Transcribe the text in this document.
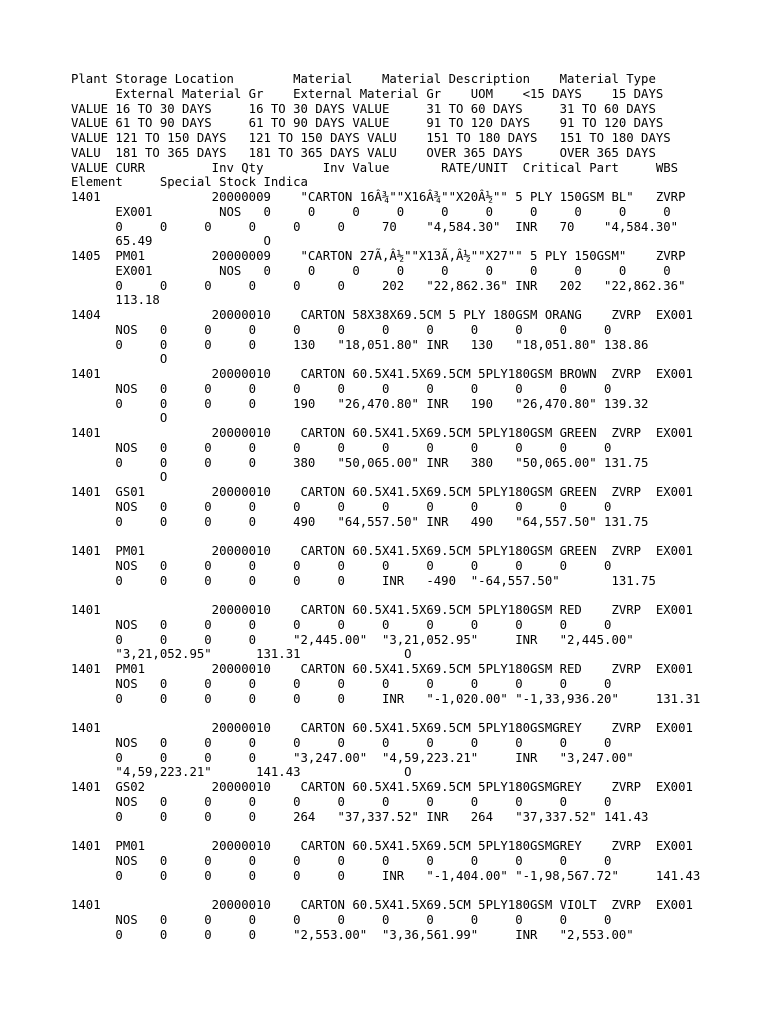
Plant Storage Location        Material    Material Description    Material Type
External Material Gr    External Material Gr    UOM    <15 DAYS    15 DAYS
VALUE 16 TO 30 DAYS     16 TO 30 DAYS VALUE     31 TO 60 DAYS     31 TO 60 DAYS
VALUE 61 TO 90 DAYS     61 TO 90 DAYS VALUE     91 TO 120 DAYS    91 TO 120 DAYS
VALUE 121 TO 150 DAYS   121 TO 150 DAYS VALU    151 TO 180 DAYS   151 TO 180 DAYS
VALU  181 TO 365 DAYS   181 TO 365 DAYS VALU    OVER 365 DAYS     OVER 365 DAYS
VALUE CURR         Inv Qty        Inv Value       RATE/UNIT  Critical Part     WBS
Element     Special Stock Indica
1401               20000009    "CARTON 16Â¾""X16Â¾""X20Â½"" 5 PLY 150GSM BL"   ZVRP
EX001         NOS   0     0     0     0     0     0     0     0     0     0
0     0     0     0     0     0     70    "4,584.30"  INR   70    "4,584.30"
65.49               O
1405  PM01         20000009    "CARTON 27Ã,Â½""X13Ã,Â½""X27"" 5 PLY 150GSM"    ZVRP
EX001         NOS   0     0     0     0     0     0     0     0     0     0
0     0     0     0     0     0     202   "22,862.36" INR   202   "22,862.36"
113.18
1404               20000010    CARTON 58X38X69.5CM 5 PLY 180GSM ORANG    ZVRP  EX001
NOS   0     0     0     0     0     0     0     0     0     0     0
0     0     0     0     130   "18,051.80" INR   130   "18,051.80" 138.86
O
1401               20000010    CARTON 60.5X41.5X69.5CM 5PLY180GSM BROWN  ZVRP  EX001
NOS   0     0     0     0     0     0     0     0     0     0     0
0     0     0     0     190   "26,470.80" INR   190   "26,470.80" 139.32
O
1401               20000010    CARTON 60.5X41.5X69.5CM 5PLY180GSM GREEN  ZVRP  EX001
NOS   0     0     0     0     0     0     0     0     0     0     0
0     0     0     0     380   "50,065.00" INR   380   "50,065.00" 131.75
O
1401  GS01         20000010    CARTON 60.5X41.5X69.5CM 5PLY180GSM GREEN  ZVRP  EX001
NOS   0     0     0     0     0     0     0     0     0     0     0
0     0     0     0     490   "64,557.50" INR   490   "64,557.50" 131.75
1401  PM01         20000010    CARTON 60.5X41.5X69.5CM 5PLY180GSM GREEN  ZVRP  EX001
NOS   0     0     0     0     0     0     0     0     0     0     0
0     0     0     0     0     0     INR   -490  "-64,557.50"       131.75
1401               20000010    CARTON 60.5X41.5X69.5CM 5PLY180GSM RED    ZVRP  EX001
NOS   0     0     0     0     0     0     0     0     0     0     0
0     0     0     0     "2,445.00"  "3,21,052.95"     INR   "2,445.00"
"3,21,052.95"      131.31              O
1401  PM01         20000010    CARTON 60.5X41.5X69.5CM 5PLY180GSM RED    ZVRP  EX001
NOS   0     0     0     0     0     0     0     0     0     0     0
0     0     0     0     0     0     INR   "-1,020.00" "-1,33,936.20"     131.31
1401               20000010    CARTON 60.5X41.5X69.5CM 5PLY180GSMGREY    ZVRP  EX001
NOS   0     0     0     0     0     0     0     0     0     0     0
0     0     0     0     "3,247.00"  "4,59,223.21"     INR   "3,247.00"
"4,59,223.21"      141.43              O
1401  GS02         20000010    CARTON 60.5X41.5X69.5CM 5PLY180GSMGREY    ZVRP  EX001
NOS   0     0     0     0     0     0     0     0     0     0     0
0     0     0     0     264   "37,337.52" INR   264   "37,337.52" 141.43
1401  PM01         20000010    CARTON 60.5X41.5X69.5CM 5PLY180GSMGREY    ZVRP  EX001
NOS   0     0     0     0     0     0     0     0     0     0     0
0     0     0     0     0     0     INR   "-1,404.00" "-1,98,567.72"     141.43
1401               20000010    CARTON 60.5X41.5X69.5CM 5PLY180GSM VIOLT  ZVRP  EX001
NOS   0     0     0     0     0     0     0     0     0     0     0
0     0     0     0     "2,553.00"  "3,36,561.99"     INR   "2,553.00"
